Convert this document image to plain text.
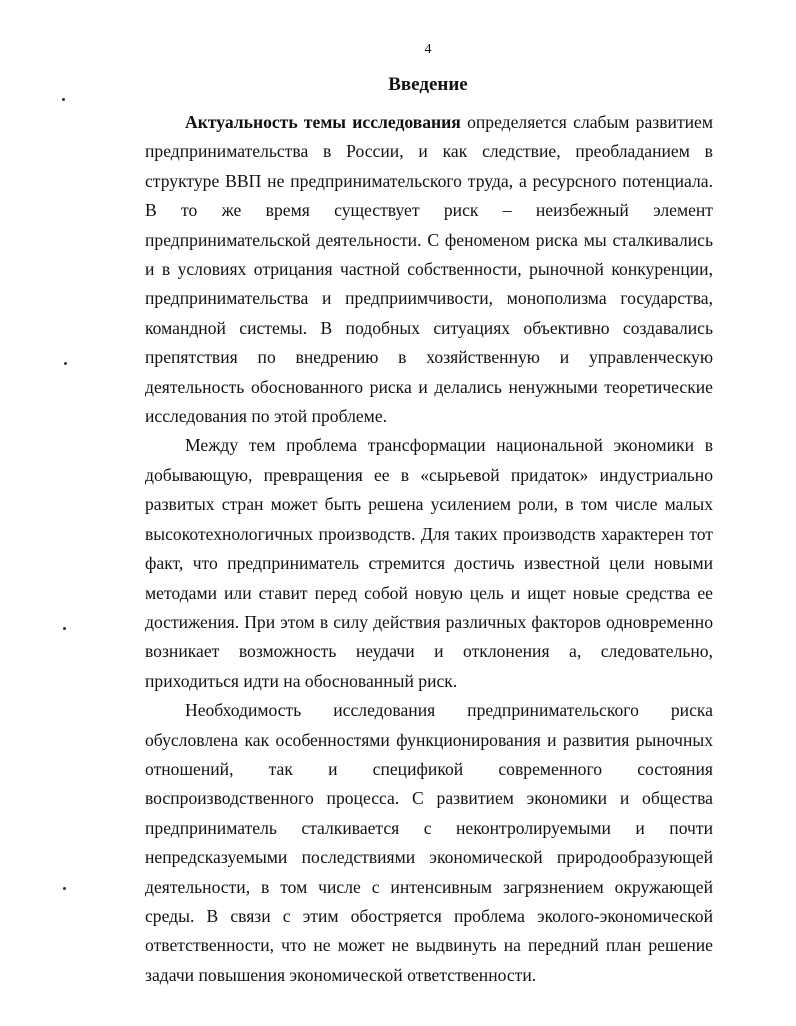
4
Введение

Актуальность темы исследования определяется слабым развитием предпринимательства в России, и как следствие, преобладанием в структуре ВВП не предпринимательского труда, а ресурсного потенциала. В то же время существует риск – неизбежный элемент предпринимательской деятельности. С феноменом риска мы сталкивались и в условиях отрицания частной собственности, рыночной конкуренции, предпринимательства и предприимчивости, монополизма государства, командной системы. В подобных ситуациях объективно создавались препятствия по внедрению в хозяйственную и управленческую деятельность обоснованного риска и делались ненужными теоретические исследования по этой проблеме.

Между тем проблема трансформации национальной экономики в добывающую, превращения ее в «сырьевой придаток» индустриально развитых стран может быть решена усилением роли, в том числе малых высокотехнологичных производств. Для таких производств характерен тот факт, что предприниматель стремится достичь известной цели новыми методами или ставит перед собой новую цель и ищет новые средства ее достижения. При этом в силу действия различных факторов одновременно возникает возможность неудачи и отклонения а, следовательно, приходиться идти на обоснованный риск.

Необходимость исследования предпринимательского риска обусловлена как особенностями функционирования и развития рыночных отношений, так и спецификой современного состояния воспроизводственного процесса. С развитием экономики и общества предприниматель сталкивается с неконтролируемыми и почти непредсказуемыми последствиями экономической природообразующей деятельности, в том числе с интенсивным загрязнением окружающей среды. В связи с этим обостряется проблема эколого-экономической ответственности, что не может не выдвинуть на передний план решение задачи повышения экономической ответственности.
